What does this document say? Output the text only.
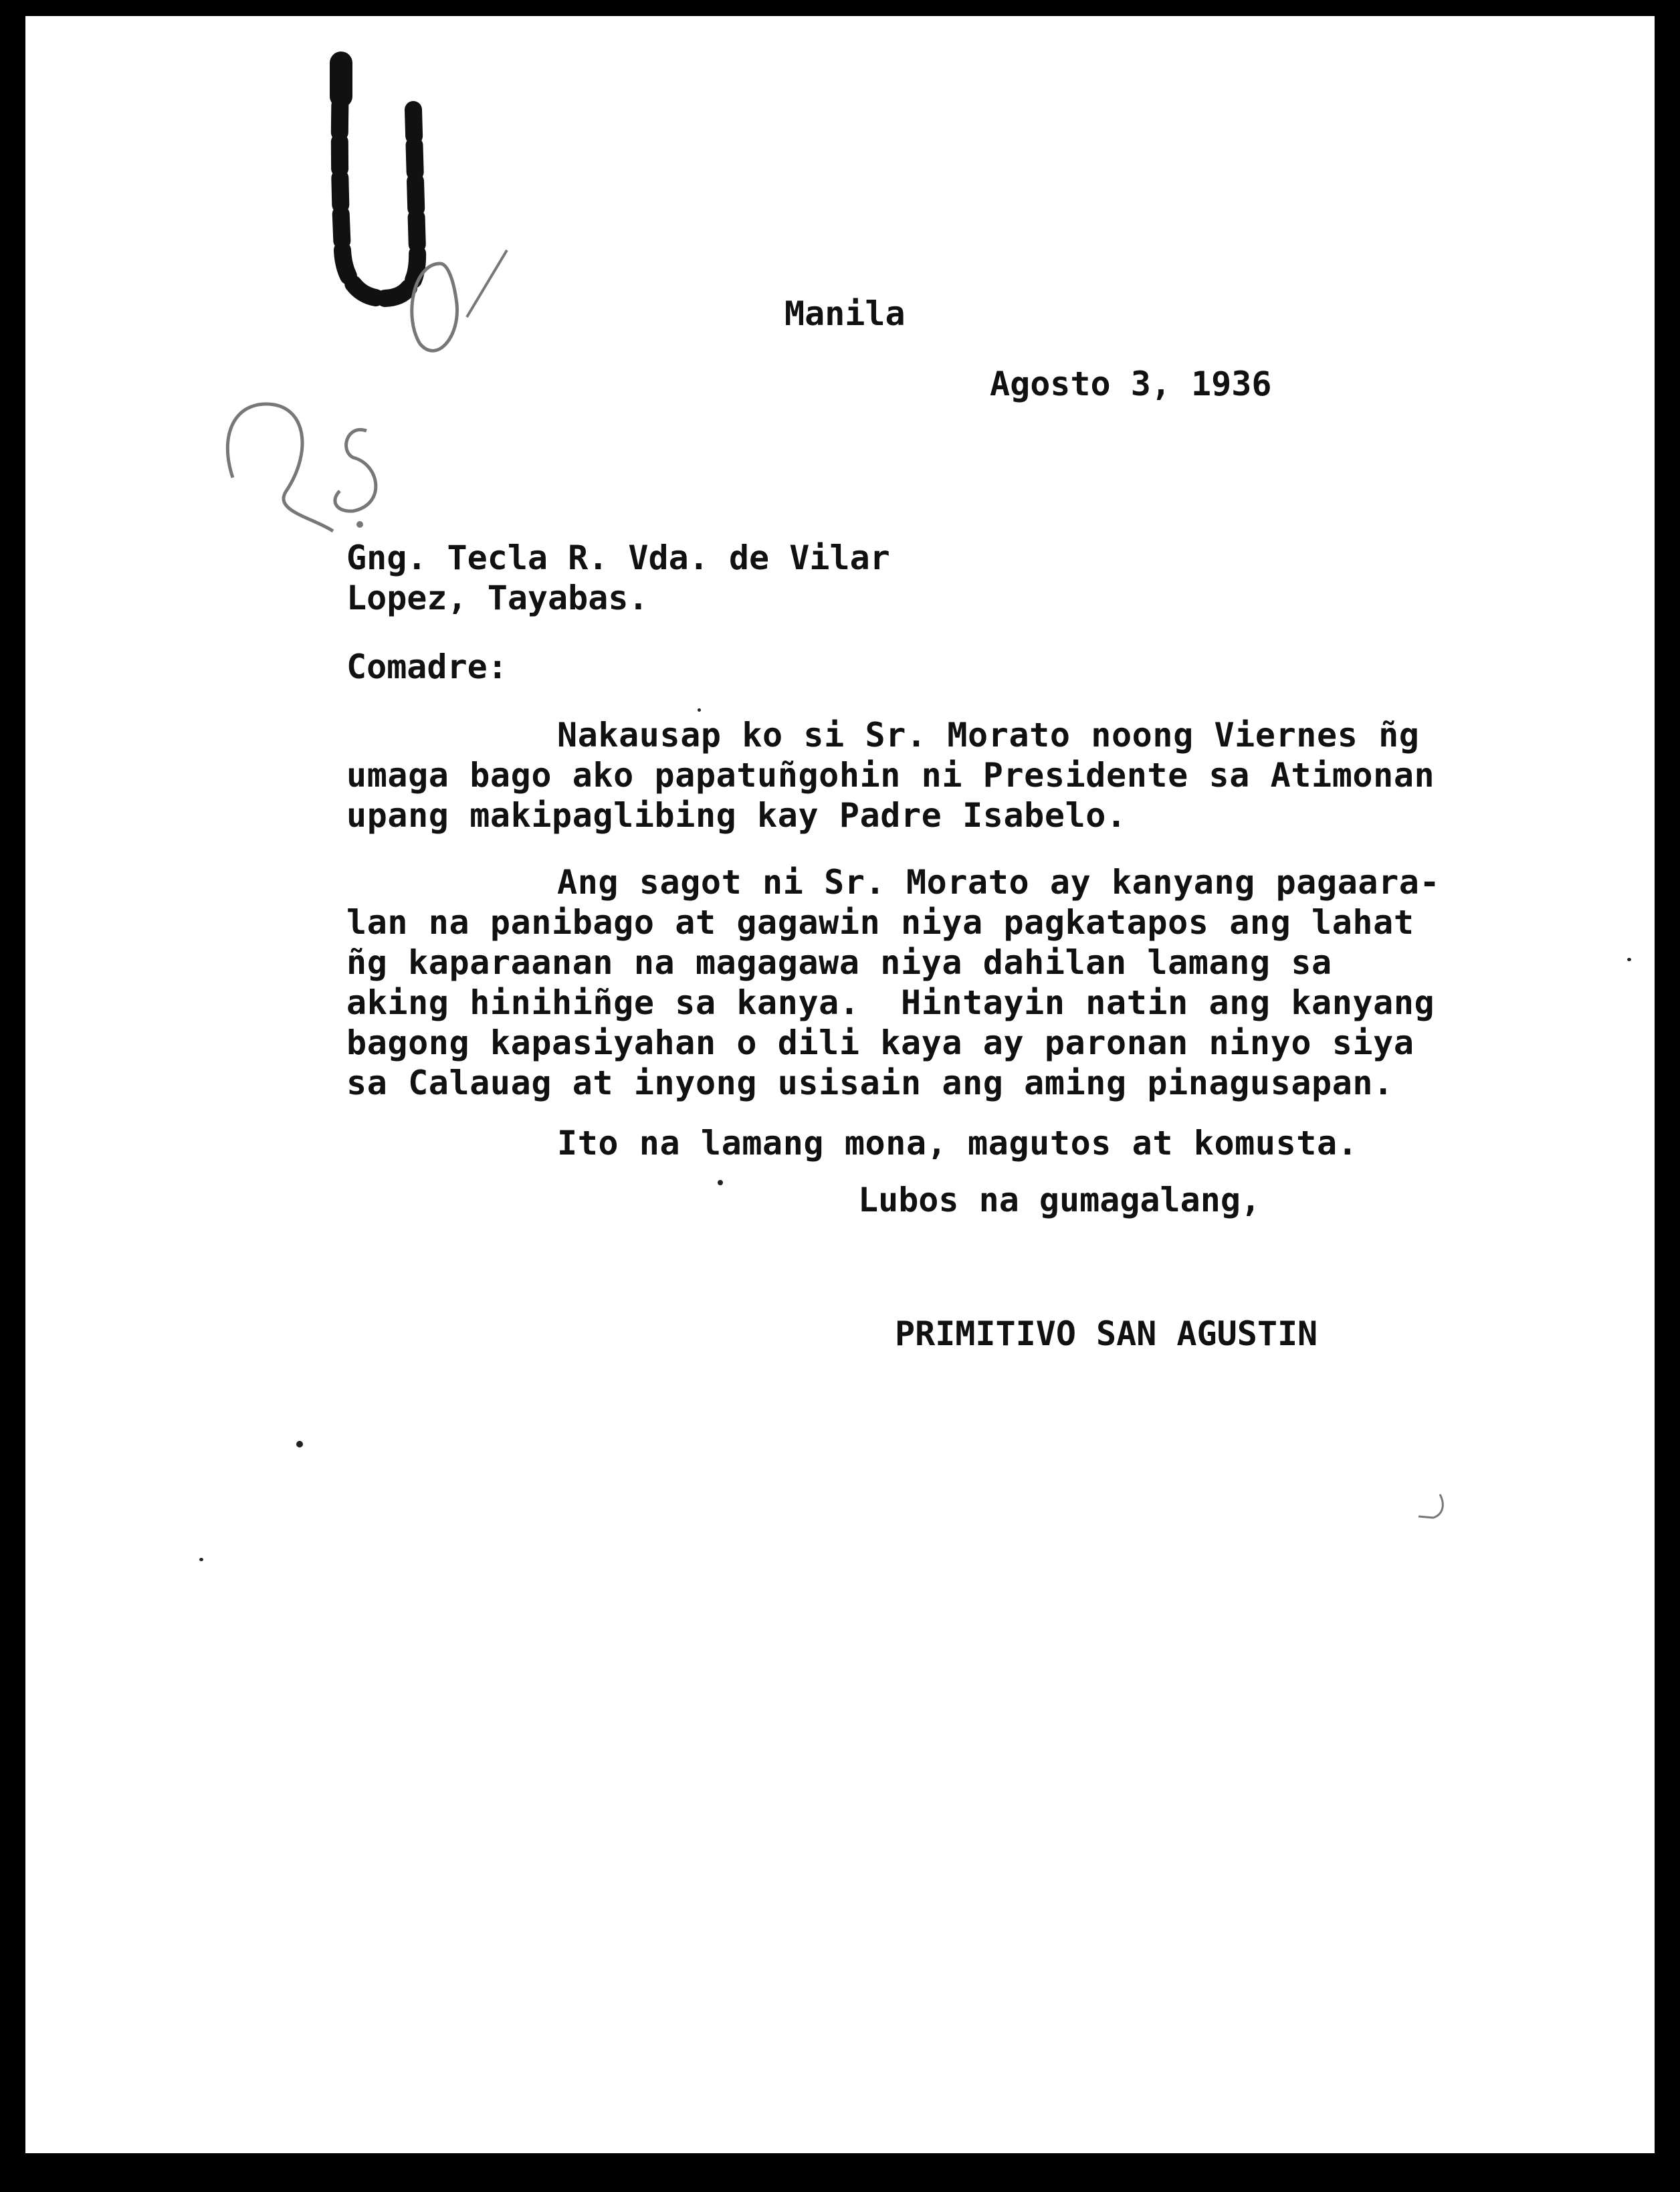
Manila

Agosto 3, 1936

Gng. Tecla R. Vda. de Vilar

Lopez, Tayabas.

Comadre:

Nakausap ko si Sr. Morato noong Viernes ñg

umaga bago ako papatuñgohin ni Presidente sa Atimonan

upang makipaglibing kay Padre Isabelo.

Ang sagot ni Sr. Morato ay kanyang pagaara-

lan na panibago at gagawin niya pagkatapos ang lahat

ñg kaparaanan na magagawa niya dahilan lamang sa

aking hinihiñge sa kanya.  Hintayin natin ang kanyang

bagong kapasiyahan o dili kaya ay paronan ninyo siya

sa Calauag at inyong usisain ang aming pinagusapan.

Ito na lamang mona, magutos at komusta.

Lubos na gumagalang,

PRIMITIVO SAN AGUSTIN
